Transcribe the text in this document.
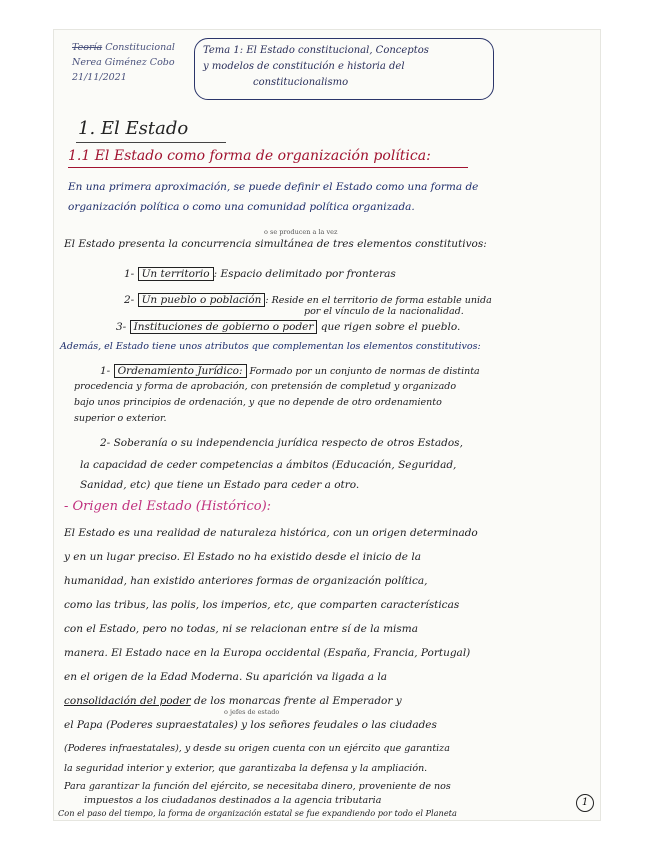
Teoría Constitucional
Nerea Giménez Cobo
21/11/2021
Tema 1: El Estado constitucional, Conceptos
y modelos de constitución e historia del
constitucionalismo
1. El Estado
1.1 El Estado como forma de organización política:
En una primera aproximación, se puede definir el Estado como una forma de
organización política o como una comunidad política organizada.
o se producen a la vez
El Estado presenta la concurrencia simultánea de tres elementos constitutivos:
1- Un territorio : Espacio delimitado por fronteras
2- Un pueblo o población : Reside en el territorio de forma estable unida
por el vínculo de la nacionalidad.
3- Instituciones de gobierno o poder que rigen sobre el pueblo.
Además, el Estado tiene unos atributos que complementan los elementos constitutivos:
1- Ordenamiento Jurídico: Formado por un conjunto de normas de distinta
procedencia y forma de aprobación, con pretensión de completud y organizado
bajo unos principios de ordenación, y que no depende de otro ordenamiento
superior o exterior.
2- Soberanía o su independencia jurídica respecto de otros Estados,
la capacidad de ceder competencias a ámbitos (Educación, Seguridad,
Sanidad, etc) que tiene un Estado para ceder a otro.
- Origen del Estado (Histórico):
El Estado es una realidad de naturaleza histórica, con un origen determinado
y en un lugar preciso. El Estado no ha existido desde el inicio de la
humanidad, han existido anteriores formas de organización política,
como las tribus, las polis, los imperios, etc, que comparten características
con el Estado, pero no todas, ni se relacionan entre sí de la misma
manera. El Estado nace en la Europa occidental (España, Francia, Portugal)
en el origen de la Edad Moderna. Su aparición va ligada a la
consolidación del poder de los monarcas frente al Emperador y
o jefes de estado
el Papa (Poderes supraestatales) y los señores feudales o las ciudades
(Poderes infraestatales), y desde su origen cuenta con un ejército que garantiza
la seguridad interior y exterior, que garantizaba la defensa y la ampliación.
Para garantizar la función del ejército, se necesitaba dinero, proveniente de nos
impuestos a los ciudadanos destinados a la agencia tributaria
Con el paso del tiempo, la forma de organización estatal se fue expandiendo por todo el Planeta
1
